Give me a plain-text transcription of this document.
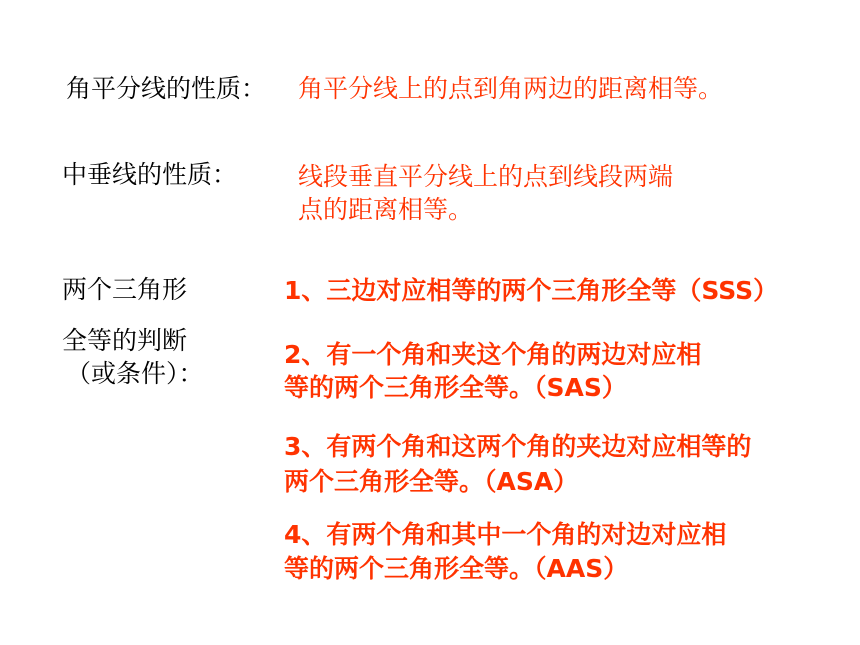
角平分线的性质： 角平分线上的点到角两边的距离相等。
中垂线的性质： 线段垂直平分线上的点到线段两端
点的距离相等。
两个三角形
全等的判断
（或条件）：
1、三边对应相等的两个三角形全等（SSS）
2、有一个角和夹这个角的两边对应相
等的两个三角形全等。（SAS）
3、有两个角和这两个角的夹边对应相等的
两个三角形全等。（ASA）
4、有两个角和其中一个角的对边对应相
等的两个三角形全等。（AAS）
